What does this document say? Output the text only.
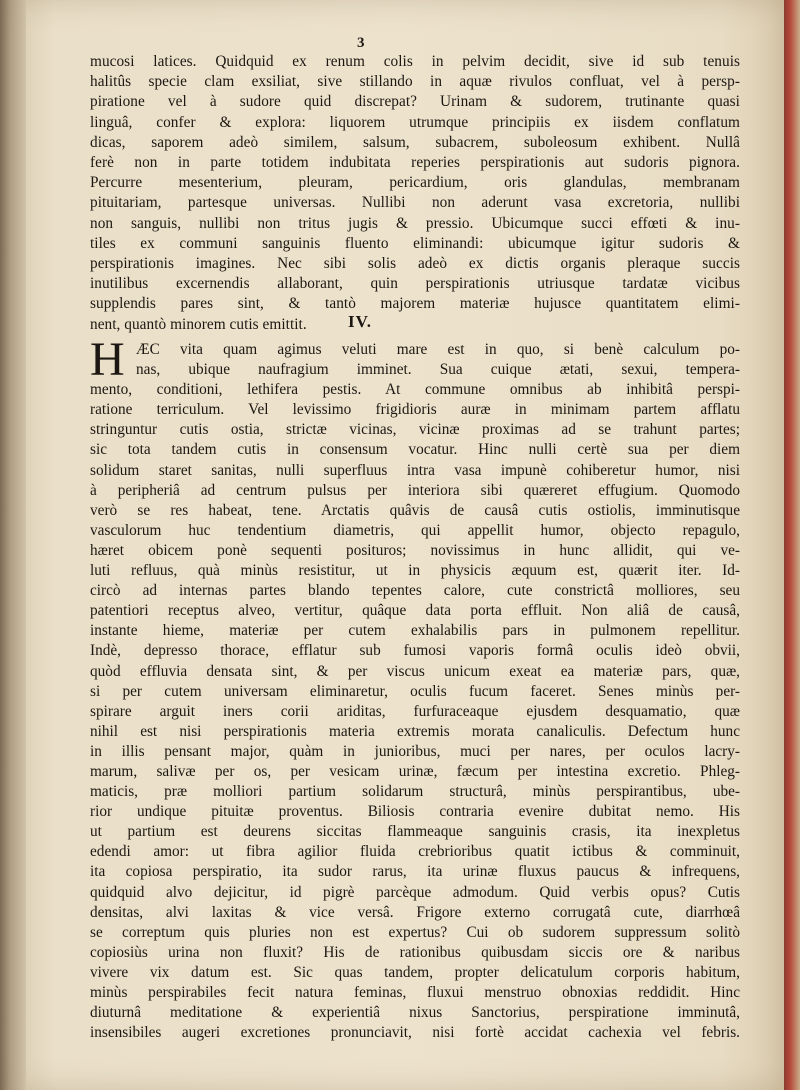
3
mucosi latices. Quidquid ex renum colis in pelvim decidit, sive id sub tenuis
halitûs specie clam exsiliat, sive stillando in aquæ rivulos confluat, vel à persp-
piratione vel à sudore quid discrepat? Urinam & sudorem, trutinante quasi
linguâ, confer & explora: liquorem utrumque principiis ex iisdem conflatum
dicas, saporem adeò similem, salsum, subacrem, suboleosum exhibent. Nullâ
ferè non in parte totidem indubitata reperies perspirationis aut sudoris pignora.
Percurre mesenterium, pleuram, pericardium, oris glandulas, membranam
pituitariam, partesque universas. Nullibi non aderunt vasa excretoria, nullibi
non sanguis, nullibi non tritus jugis & pressio. Ubicumque succi effœti & inu-
tiles ex communi sanguinis fluento eliminandi: ubicumque igitur sudoris &
perspirationis imagines. Nec sibi solis adeò ex dictis organis pleraque succis
inutilibus excernendis allaborant, quin perspirationis utriusque tardatæ vicibus
supplendis pares sint, & tantò majorem materiæ hujusce quantitatem elimi-
nent, quantò minorem cutis emittit.	IV.
H ÆC vita quam agimus veluti mare est in quo, si benè calculum po-
nas, ubique naufragium imminet. Sua cuique ætati, sexui, tempera-
mento, conditioni, lethifera pestis. At commune omnibus ab inhibitâ perspi-
ratione terriculum. Vel levissimo frigidioris auræ in minimam partem afflatu
stringuntur cutis ostia, strictæ vicinas, vicinæ proximas ad se trahunt partes;
sic tota tandem cutis in consensum vocatur. Hinc nulli certè sua per diem
solidum staret sanitas, nulli superfluus intra vasa impunè cohiberetur humor, nisi
à peripheriâ ad centrum pulsus per interiora sibi quæreret effugium. Quomodo
verò se res habeat, tene. Arctatis quâvis de causâ cutis ostiolis, imminutisque
vasculorum huc tendentium diametris, qui appellit humor, objecto repagulo,
hæret obicem ponè sequenti posituros; novissimus in hunc allidit, qui ve-
luti refluus, quà minùs resistitur, ut in physicis æquum est, quærit iter. Id-
circò ad internas partes blando tepentes calore, cute constrictâ molliores, seu
patentiori receptus alveo, vertitur, quâque data porta effluit. Non aliâ de causâ,
instante hieme, materiæ per cutem exhalabilis pars in pulmonem repellitur.
Indè, depresso thorace, efflatur sub fumosi vaporis formâ oculis ideò obvii,
quòd effluvia densata sint, & per viscus unicum exeat ea materiæ pars, quæ,
si per cutem universam eliminaretur, oculis fucum faceret. Senes minùs per-
spirare arguit iners corii ariditas, furfuraceaque ejusdem desquamatio, quæ
nihil est nisi perspirationis materia extremis morata canaliculis. Defectum hunc
in illis pensant major, quàm in junioribus, muci per nares, per oculos lacry-
marum, salivæ per os, per vesicam urinæ, fæcum per intestina excretio. Phleg-
maticis, præ molliori partium solidarum structurâ, minùs perspirantibus, ube-
rior undique pituitæ proventus. Biliosis contraria evenire dubitat nemo. His
ut partium est deurens siccitas flammeaque sanguinis crasis, ita inexpletus
edendi amor: ut fibra agilior fluida crebrioribus quatit ictibus & comminuit,
ita copiosa perspiratio, ita sudor rarus, ita urinæ fluxus paucus & infrequens,
quidquid alvo dejicitur, id pigrè parcèque admodum. Quid verbis opus? Cutis
densitas, alvi laxitas & vice versâ. Frigore externo corrugatâ cute, diarrhœâ
se correptum quis pluries non est expertus? Cui ob sudorem suppressum solitò
copiosiùs urina non fluxit? His de rationibus quibusdam siccis ore & naribus
vivere vix datum est. Sic quas tandem, propter delicatulum corporis habitum,
minùs perspirabiles fecit natura feminas, fluxui menstruo obnoxias reddidit. Hinc
diuturnâ meditatione & experientiâ nixus Sanctorius, perspiratione imminutâ,
insensibiles augeri excretiones pronunciavit, nisi fortè accidat cachexia vel febris.
